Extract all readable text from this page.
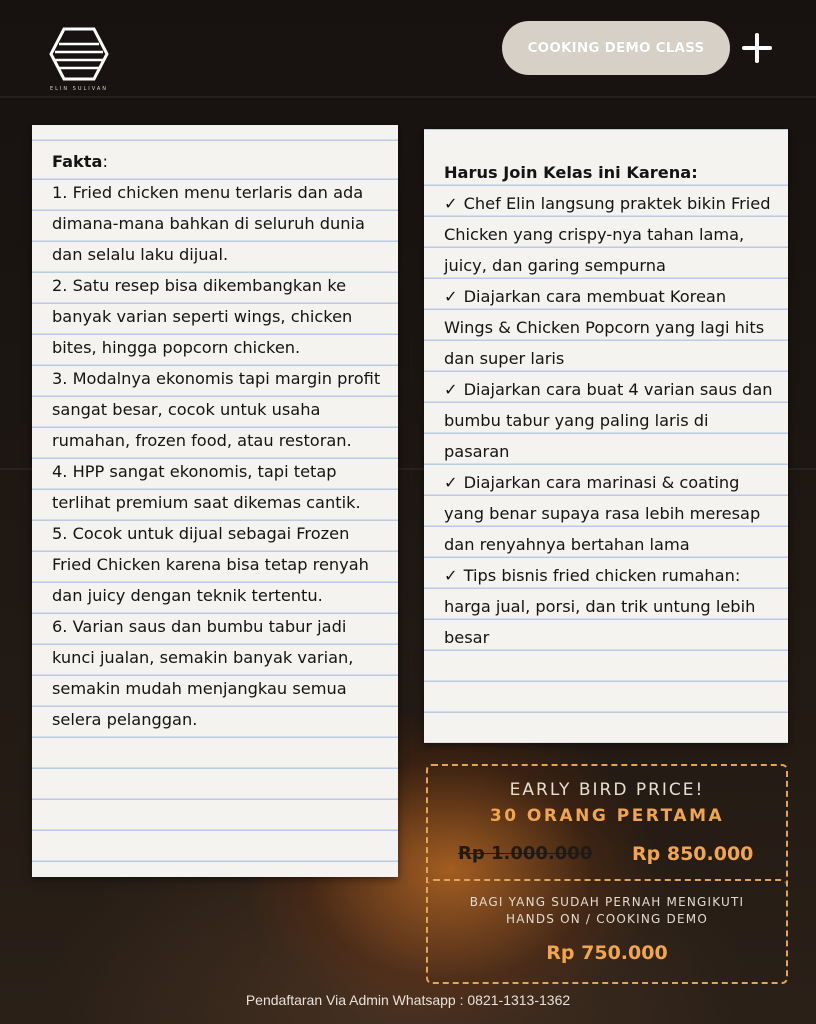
ELIN SULIVAN
COOKING DEMO CLASS
Fakta:
1. Fried chicken menu terlaris dan ada dimana-mana bahkan di seluruh dunia dan selalu laku dijual.
2. Satu resep bisa dikembangkan ke banyak varian seperti wings, chicken bites, hingga popcorn chicken.
3. Modalnya ekonomis tapi margin profit sangat besar, cocok untuk usaha rumahan, frozen food, atau restoran.
4. HPP sangat ekonomis, tapi tetap terlihat premium saat dikemas cantik.
5. Cocok untuk dijual sebagai Frozen Fried Chicken karena bisa tetap renyah dan juicy dengan teknik tertentu.
6. Varian saus dan bumbu tabur jadi kunci jualan, semakin banyak varian, semakin mudah menjangkau semua selera pelanggan.
Harus Join Kelas ini Karena:
✓ Chef Elin langsung praktek bikin Fried Chicken yang crispy-nya tahan lama, juicy, dan garing sempurna
✓ Diajarkan cara membuat Korean Wings & Chicken Popcorn yang lagi hits dan super laris
✓ Diajarkan cara buat 4 varian saus dan bumbu tabur yang paling laris di pasaran
✓ Diajarkan cara marinasi & coating yang benar supaya rasa lebih meresap dan renyahnya bertahan lama
✓ Tips bisnis fried chicken rumahan: harga jual, porsi, dan trik untung lebih besar
EARLY BIRD PRICE!
30 ORANG PERTAMA
Rp 1.000.000 Rp 850.000
BAGI YANG SUDAH PERNAH MENGIKUTI
HANDS ON / COOKING DEMO
Rp 750.000
Pendaftaran Via Admin Whatsapp : 0821-1313-1362
